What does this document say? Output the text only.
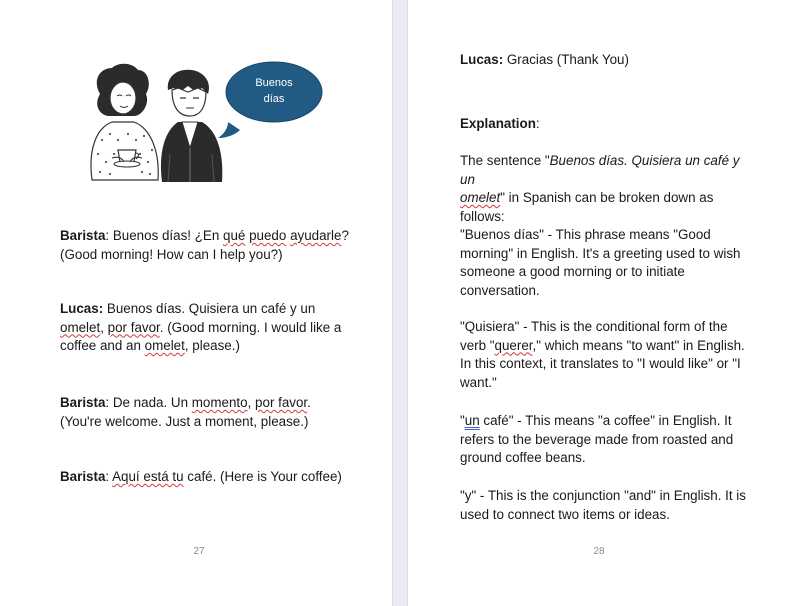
Buenos
días

Barista: Buenos días! ¿En qué puedo ayudarle?
(Good morning! How can I help you?)

Lucas: Buenos días. Quisiera un café y un
omelet, por favor. (Good morning. I would like a
coffee and an omelet, please.)

Barista: De nada. Un momento, por favor.
(You're welcome. Just a moment, please.)

Barista: Aquí está tu café. (Here is Your coffee)

27

Lucas: Gracias (Thank You)

Explanation:

The sentence "Buenos días. Quisiera un café y un
omelet" in Spanish can be broken down as
follows:

"Buenos días" - This phrase means "Good
morning" in English. It's a greeting used to wish
someone a good morning or to initiate
conversation.

"Quisiera" - This is the conditional form of the
verb "querer," which means "to want" in English.
In this context, it translates to "I would like" or "I
want."

"un café" - This means "a coffee" in English. It
refers to the beverage made from roasted and
ground coffee beans.

"y" - This is the conjunction "and" in English. It is
used to connect two items or ideas.

28
